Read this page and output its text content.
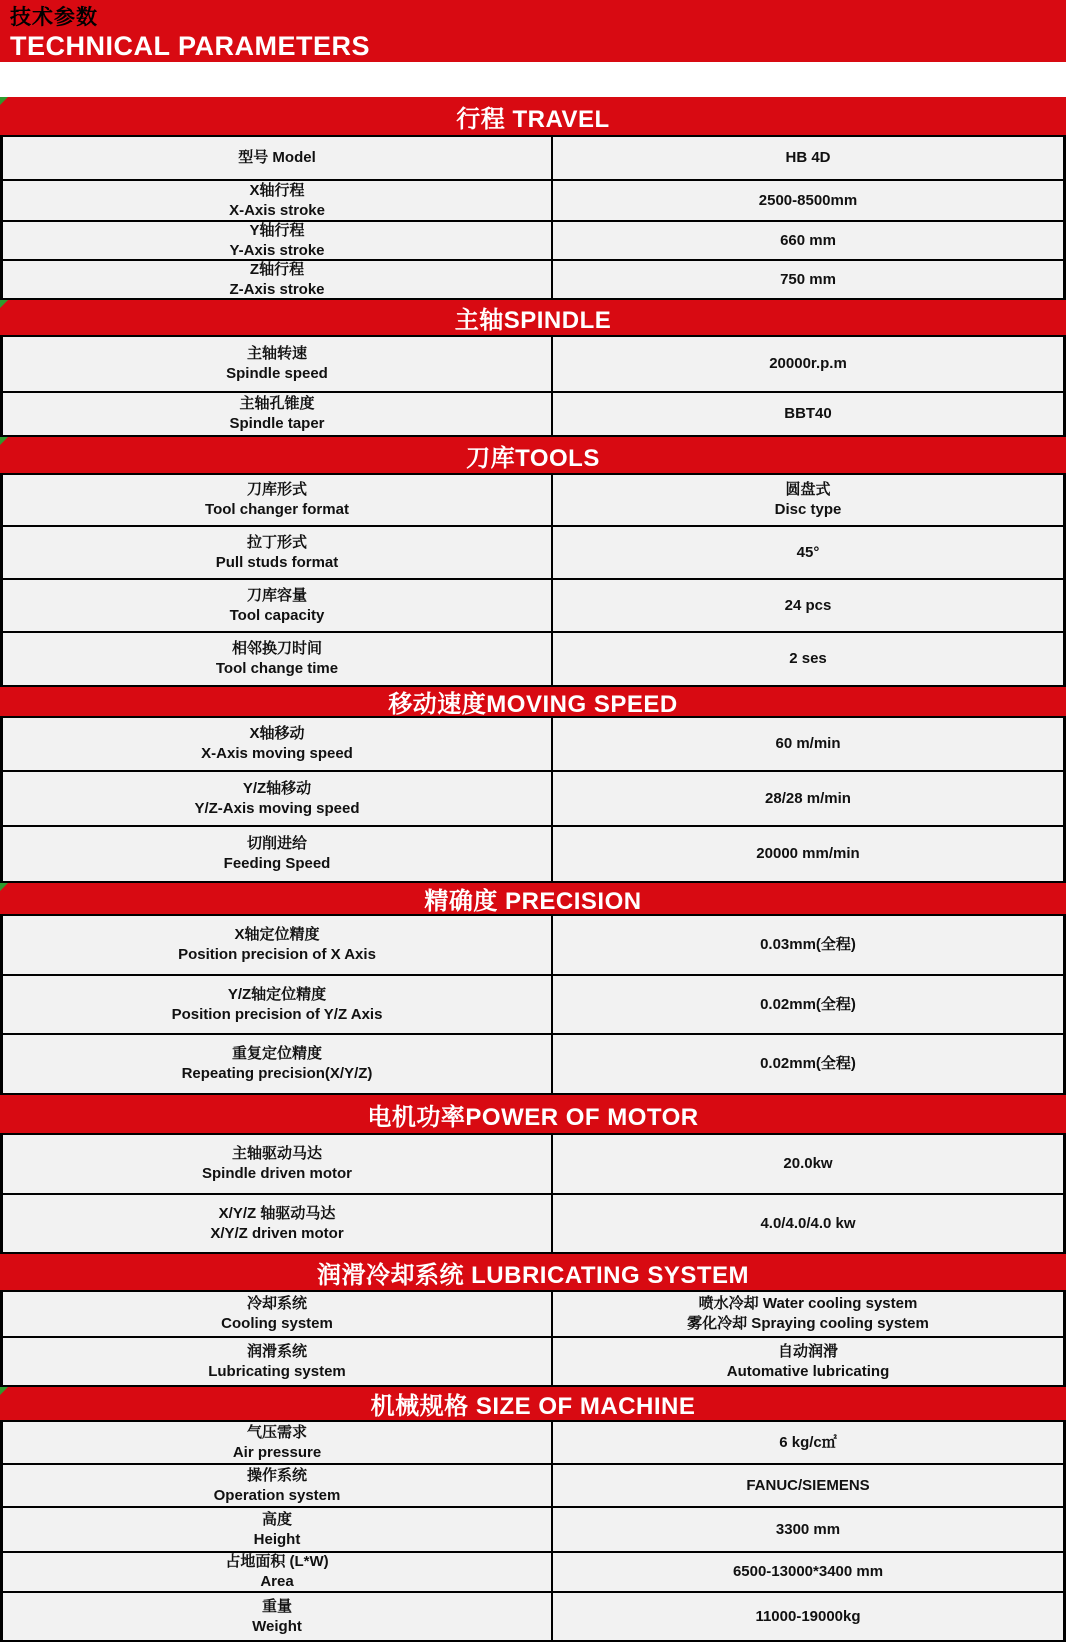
技术参数
TECHNICAL PARAMETERS
行程 TRAVEL
型号 Model	HB 4D
X轴行程
X-Axis stroke
2500-8500mm
Y轴行程
Y-Axis stroke
660 mm
Z轴行程
Z-Axis stroke
750 mm
主轴SPINDLE
主轴转速
Spindle speed
20000r.p.m
主轴孔锥度
Spindle taper
BBT40
刀库TOOLS
刀库形式
Tool changer format
圆盘式
Disc type
拉丁形式
Pull studs format
45°
刀库容量
Tool capacity
24 pcs
相邻换刀时间
Tool change time
2 ses
移动速度MOVING SPEED
X轴移动
X-Axis moving speed
60 m/min
Y/Z轴移动
Y/Z-Axis moving speed
28/28 m/min
切削进给
Feeding Speed
20000 mm/min
精确度 PRECISION
X轴定位精度
Position precision of X Axis
0.03mm(全程)
Y/Z轴定位精度
Position precision of Y/Z Axis
0.02mm(全程)
重复定位精度
Repeating precision(X/Y/Z)
0.02mm(全程)
电机功率POWER OF MOTOR
主轴驱动马达
Spindle driven motor
20.0kw
X/Y/Z 轴驱动马达
X/Y/Z driven motor
4.0/4.0/4.0 kw
润滑冷却系统 LUBRICATING SYSTEM
冷却系统
Cooling system
喷水冷却 Water cooling system
雾化冷却 Spraying cooling system
润滑系统
Lubricating system
自动润滑
Automative lubricating
机械规格 SIZE OF MACHINE
气压需求
Air pressure
6 kg/c㎡
操作系统
Operation system
FANUC/SIEMENS
高度
Height
3300 mm
占地面积 (L*W)
Area
6500-13000*3400 mm
重量
Weight
11000-19000kg
